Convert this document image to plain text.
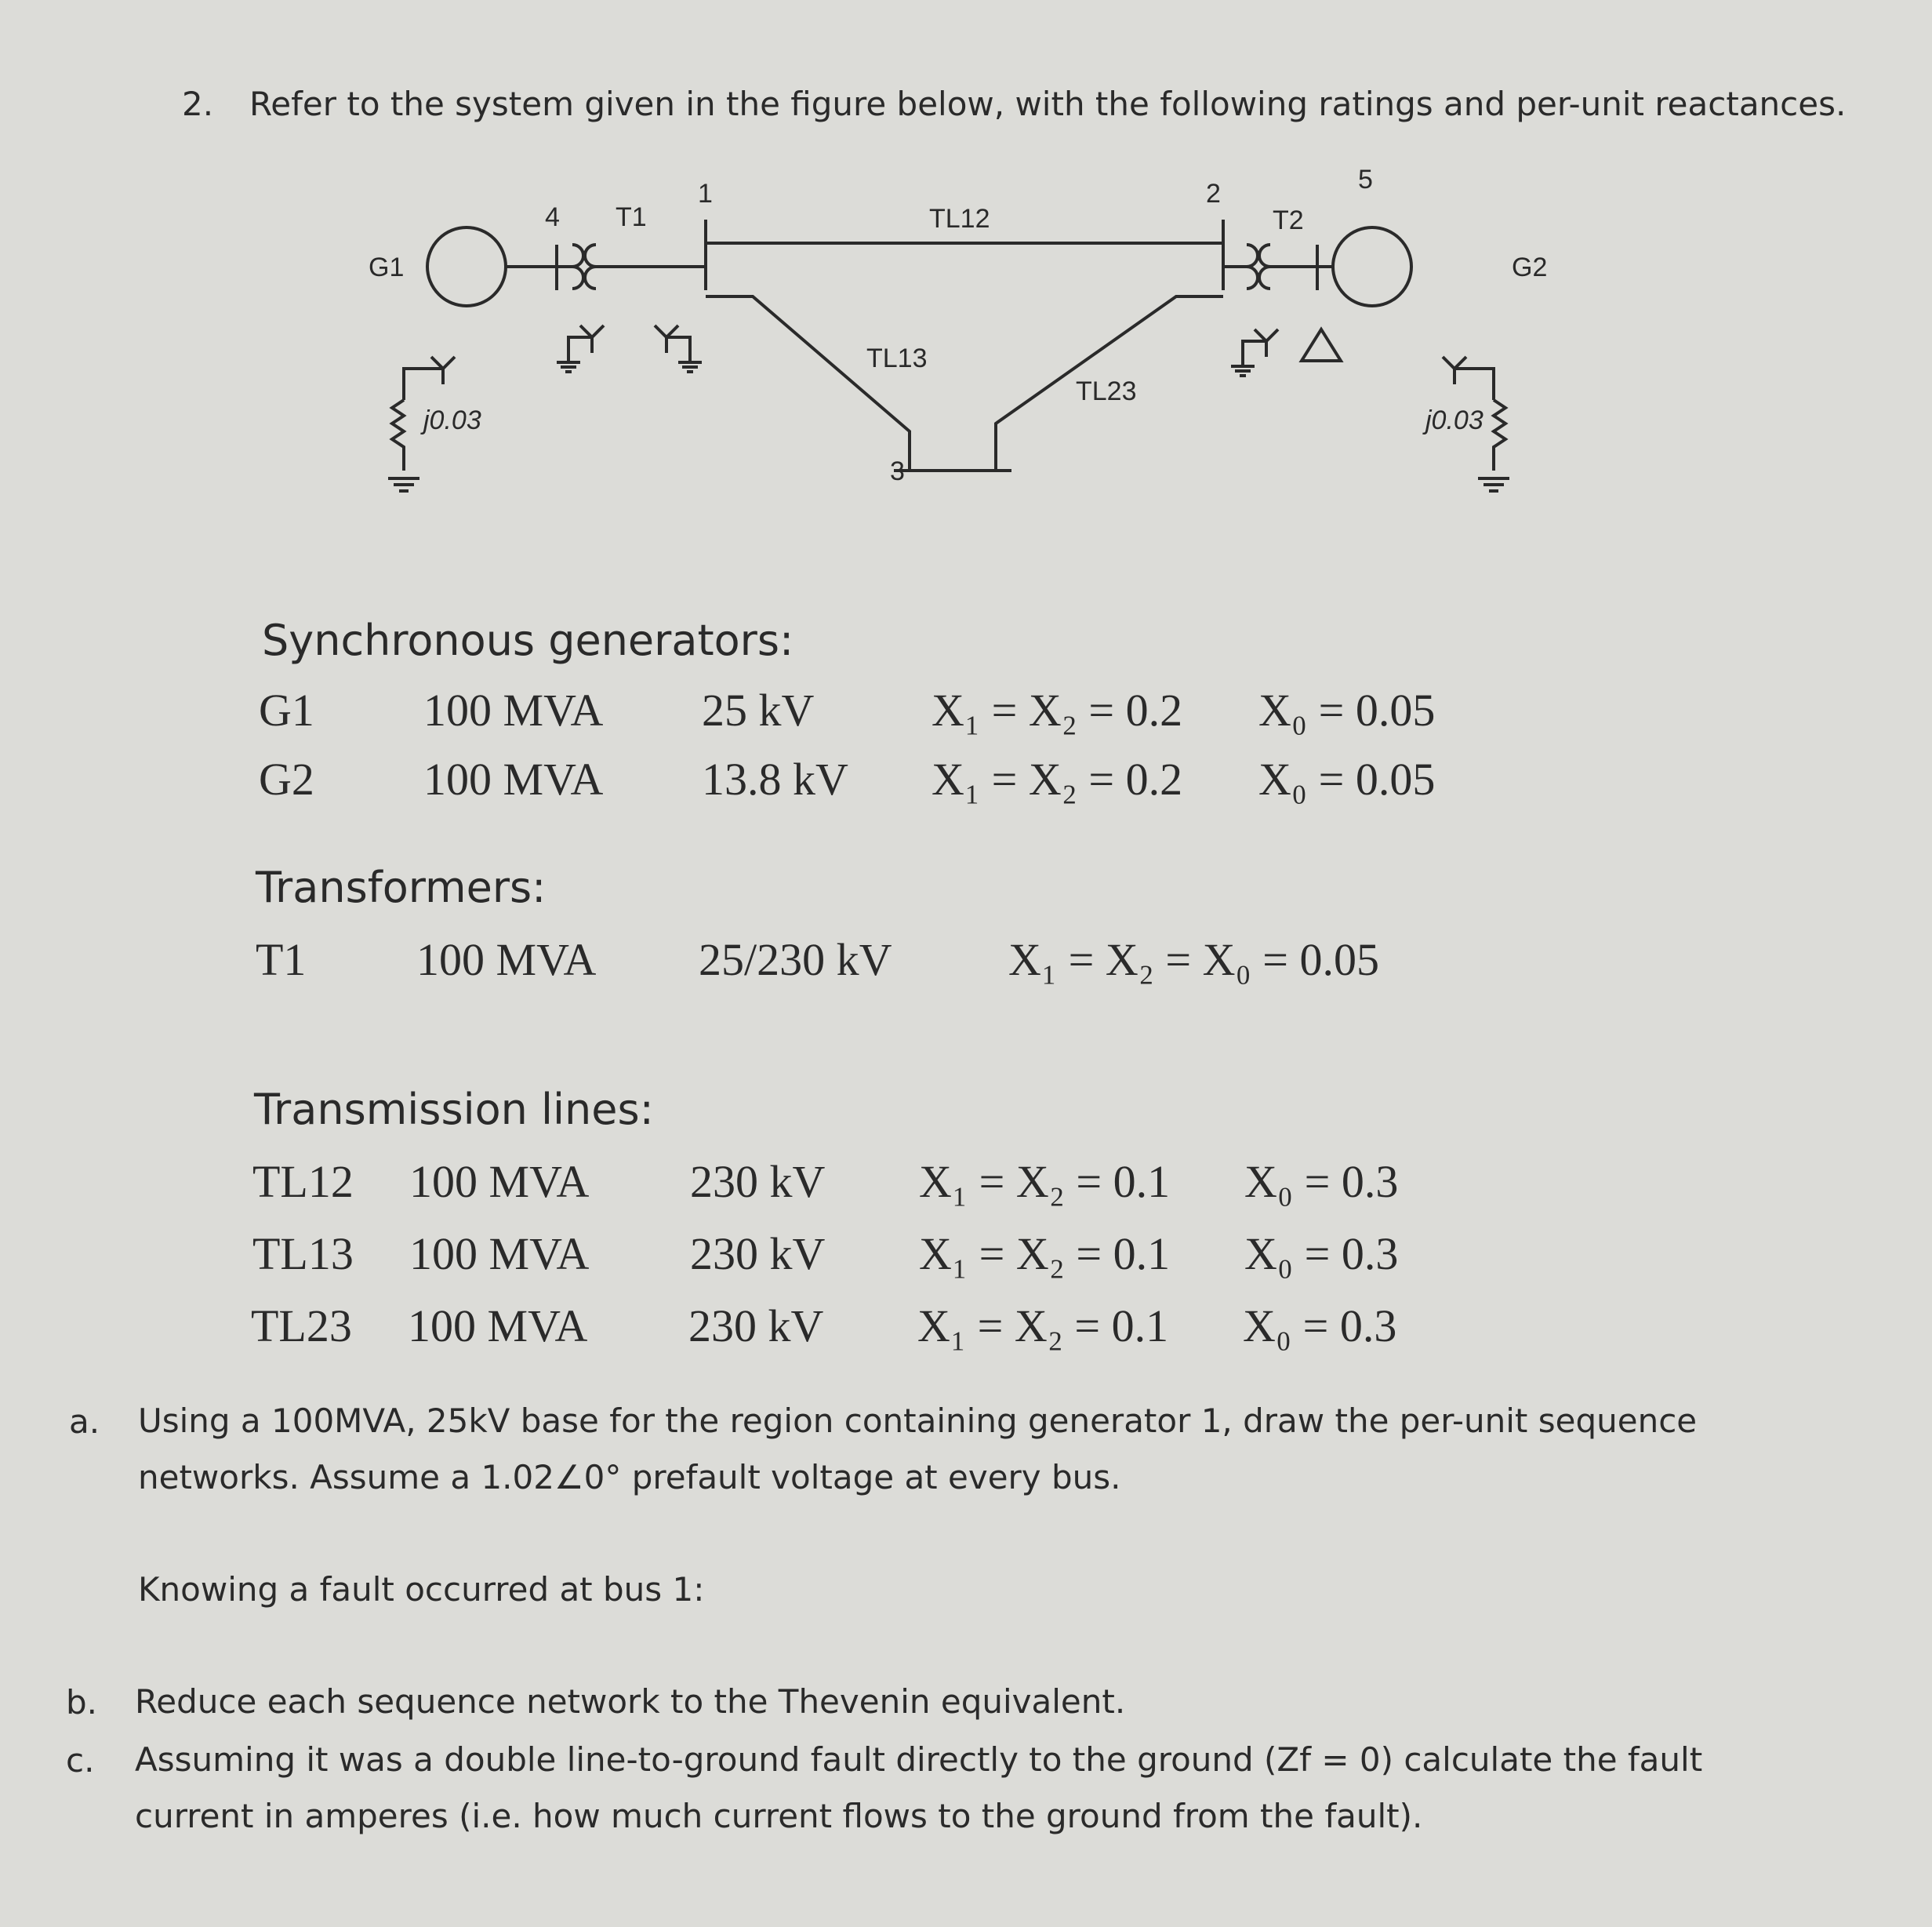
2. Refer to the system given in the figure below, with the following ratings and per-unit reactances.
G1
4 T1
1
TL12
2	5
T2
G2
TL13
TL23
3
j0.03	j0.03
Synchronous generators:
G1 100 MVA 25 kV	X₁ = X₂ = 0.2 X₀ = 0.05
G2 100 MVA 13.8 kV X₁ = X₂ = 0.2 X₀ = 0.05
Transformers:
T1 100 MVA 25/230 kV	X₁ = X₂ = X₀ = 0.05
Transmission lines:
TL12 100 MVA 230 kV X₁ = X₂ = 0.1 X₀ = 0.3
TL13 100 MVA 230 kV X₁ = X₂ = 0.1 X₀ = 0.3
TL23 100 MVA 230 kV X₁ = X₂ = 0.1 X₀ = 0.3
a. Using a 100MVA, 25kV base for the region containing generator 1, draw the per-unit sequence networks. Assume a 1.02∠0° prefault voltage at every bus.
Knowing a fault occurred at bus 1:
b. Reduce each sequence network to the Thevenin equivalent.
c. Assuming it was a double line-to-ground fault directly to the ground (Zf = 0) calculate the fault current in amperes (i.e. how much current flows to the ground from the fault).
